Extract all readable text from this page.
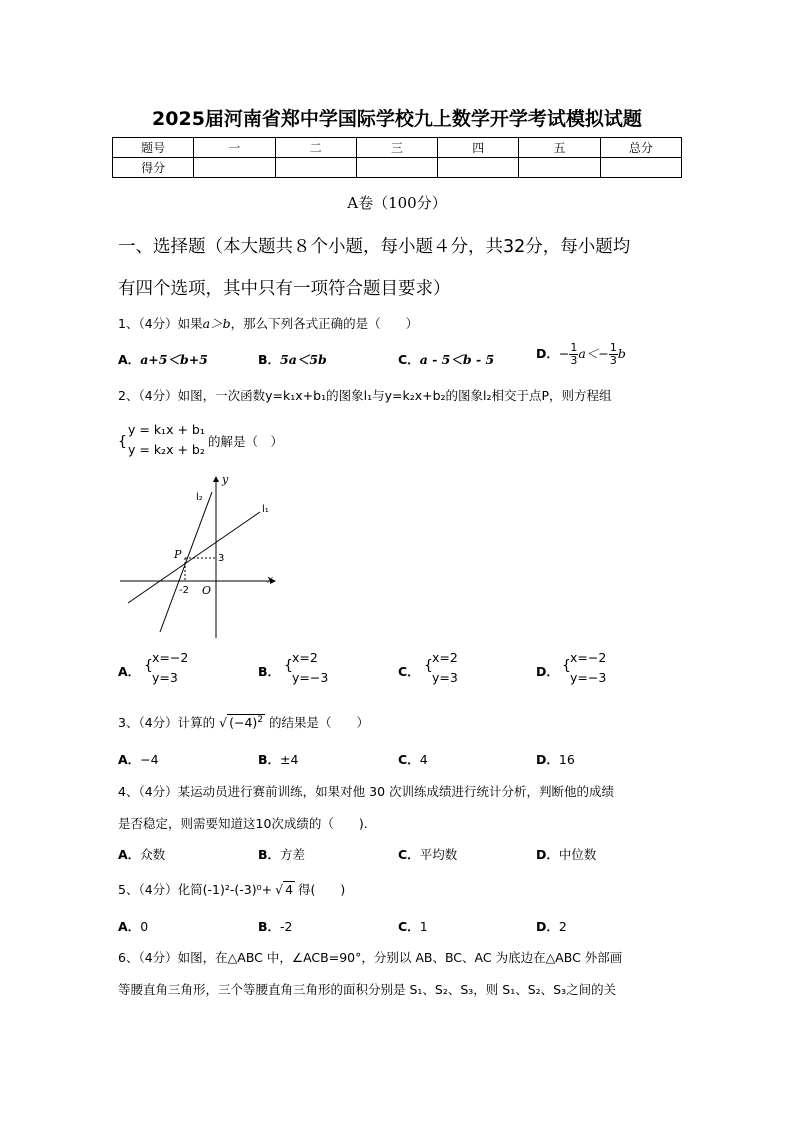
2025届河南省郑中学国际学校九上数学开学考试模拟试题
题号	一	二	三	四	五	总分
得分						
A卷（100分）
一、选择题（本大题共８个小题，每小题４分，共32分，每小题均
有四个选项，其中只有一项符合题目要求）
1、（4分）如果a＞b，那么下列各式正确的是（　　）
A．a+5＜b+5	B．5a＜5b	C．a - 5＜b - 5	D．− $\frac{1}{3} a<- \frac{1}{3}$ b
2、（4分）如图，一次函数y=k₁x+b₁的图象l₁与y=k₂x+b₂的图象l₂相交于点P，则方程组
{
y = k₁x + b₁
y = k₂x + b₂
的解是（　）
y
x
O
l₁
l₂
P
-2
3
A． {
x=−2
y=3	B． {
x=2
y=−3	C． {
x=2
y=3	D． {
x=−2
y=−3
3、（4分）计算的 √ $(-4)^2$ 的结果是（　　）
A．−4	B．±4	C．4	D．16
4、（4分）某运动员进行赛前训练，如果对他 30 次训练成绩进行统计分析，判断他的成绩
是否稳定，则需要知道这10次成绩的（　　).
A．众数	B．方差	C．平均数	D．中位数
5、（4分）化简(-1)²-(-3)⁰+ √ 4 得(　　)
A．0	B．-2	C．1	D．2
6、（4分）如图，在△ABC 中，∠ACB=90°，分别以 AB、BC、AC 为底边在△ABC 外部画
等腰直角三角形，三个等腰直角三角形的面积分别是 S₁、S₂、S₃，则 S₁、S₂、S₃之间的关
